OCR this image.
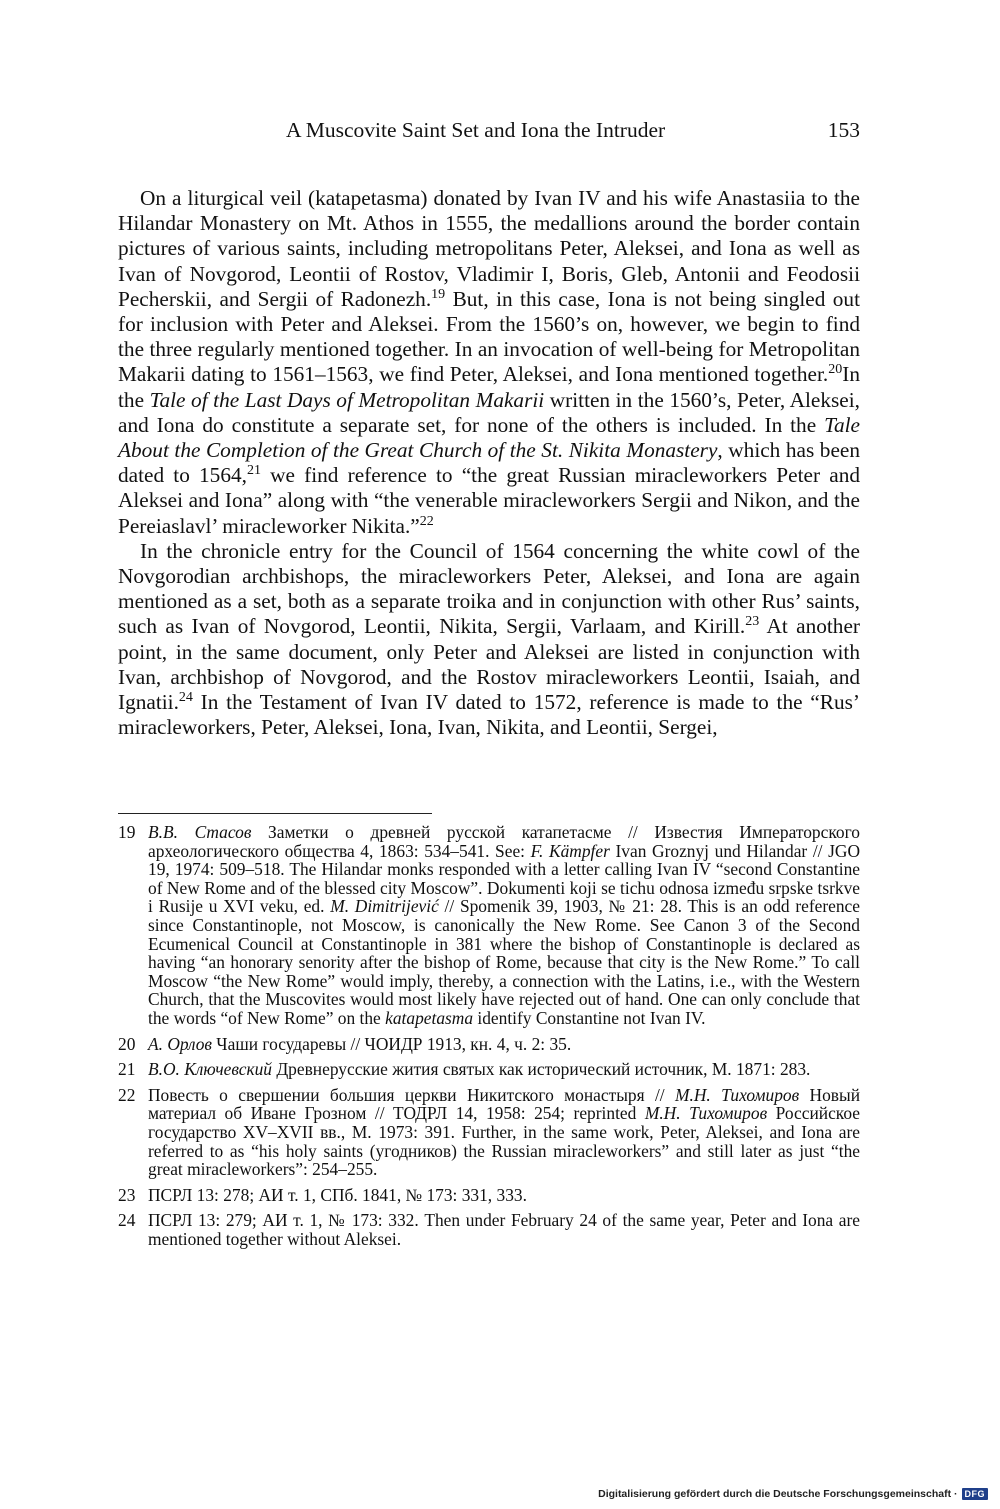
A Muscovite Saint Set and Iona the Intruder	153

On a liturgical veil (katapetasma) donated by Ivan IV and his wife Anastasiia to the Hilandar Monastery on Mt. Athos in 1555, the medallions around the border contain pictures of various saints, including metropolitans Peter, Aleksei, and Iona as well as Ivan of Novgorod, Leontii of Rostov, Vladimir I, Boris, Gleb, Antonii and Feodosii Pecherskii, and Sergii of Radonezh.$^{19}$ But, in this case, Iona is not being singled out for inclusion with Peter and Aleksei. From the 1560’s on, however, we begin to find the three regularly mentioned together. In an invocation of well-being for Metropolitan Makarii dating to 1561–1563, we find Peter, Aleksei, and Iona mentioned together.$^{20}$In the Tale of the Last Days of Metropolitan Makarii written in the 1560’s, Peter, Aleksei, and Iona do constitute a separate set, for none of the others is included. In the Tale About the Completion of the Great Church of the St. Nikita Monastery, which has been dated to 1564,21 we find reference to “the great Russian miracleworkers Peter and Aleksei and Iona” along with “the venerable miracleworkers Sergii and Nikon, and the Pereiaslavl’ miracleworker Nikita.”$^{22}$

In the chronicle entry for the Council of 1564 concerning the white cowl of the Novgorodian archbishops, the miracleworkers Peter, Aleksei, and Iona are again mentioned as a set, both as a separate troika and in conjunction with other Rus’ saints, such as Ivan of Novgorod, Leontii, Nikita, Sergii, Varlaam, and Kirill.$^{23}$ At another point, in the same document, only Peter and Aleksei are listed in conjunction with Ivan, archbishop of Novgorod, and the Rostov miracleworkers Leontii, Isaiah, and Ignatii.$^{24}$ In the Testament of Ivan IV dated to 1572, reference is made to the “Rus’ miracleworkers, Peter, Aleksei, Iona, Ivan, Nikita, and Leontii, Sergei,

19 В.В. Стасов Заметки о древней русской катапетасме // Известия Императорского археологического общества 4, 1863: 534–541. See: F. Kämpfer Ivan Groznyj und Hilandar // JGO 19, 1974: 509–518. The Hilandar monks responded with a letter calling Ivan IV “second Constantine of New Rome and of the blessed city Moscow”. Dokumenti koji se tichu odnosa između srpske tsrkve i Rusije u XVI veku, ed. M. Dimitrijević // Spomenik 39, 1903, № 21: 28. This is an odd reference since Constantinople, not Moscow, is canonically the New Rome. See Canon 3 of the Second Ecumenical Council at Constantinople in 381 where the bishop of Constantinople is declared as having “an honorary senority after the bishop of Rome, because that city is the New Rome.” To call Moscow “the New Rome” would imply, thereby, a connection with the Latins, i.e., with the Western Church, that the Muscovites would most likely have rejected out of hand. One can only conclude that the words “of New Rome” on the katapetasma identify Constantine not Ivan IV.
20 А. Орлов Чаши государевы // ЧОИДР 1913, кн. 4, ч. 2: 35.
21 В.О. Ключевский Древнерусские жития святых как исторический источник, М. 1871: 283.
22 Повесть о свершении большия церкви Никитского монастыря // М.Н. Тихомиров Новый материал об Иване Грозном // ТОДРЛ 14, 1958: 254; reprinted М.Н. Тихомиров Российское государство XV–XVII вв., М. 1973: 391. Further, in the same work, Peter, Aleksei, and Iona are referred to as “his holy saints (угодников) the Russian miracleworkers” and still later as just “the great miracleworkers”: 254–255.
23 ПСРЛ 13: 278; АИ т. 1, СПб. 1841, № 173: 331, 333.
24 ПСРЛ 13: 279; АИ т. 1, № 173: 332. Then under February 24 of the same year, Peter and Iona are mentioned together without Aleksei.
Digitalisierung gefördert durch die Deutsche Forschungsgemeinschaft · DFG
